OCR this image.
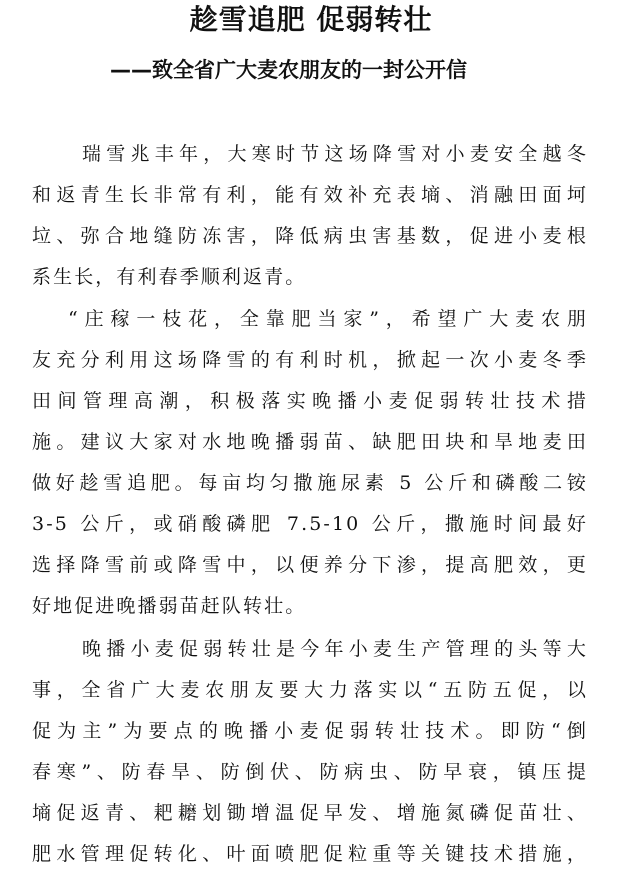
趁雪追肥 促弱转壮
——致全省广大麦农朋友的一封公开信
瑞雪兆丰年，大寒时节这场降雪对小麦安全越冬
和返青生长非常有利，能有效补充表墒、消融田面坷
垃、弥合地缝防冻害，降低病虫害基数，促进小麦根
系生长，有利春季顺利返青。
“庄稼一枝花，全靠肥当家”，希望广大麦农朋
友充分利用这场降雪的有利时机，掀起一次小麦冬季
田间管理高潮，积极落实晚播小麦促弱转壮技术措
施。建议大家对水地晚播弱苗、缺肥田块和旱地麦田
做好趁雪追肥。每亩均匀撒施尿素 5 公斤和磷酸二铵
3-5 公斤，或硝酸磷肥 7.5-10 公斤，撒施时间最好
选择降雪前或降雪中，以便养分下渗，提高肥效，更
好地促进晚播弱苗赶队转壮。
晚播小麦促弱转壮是今年小麦生产管理的头等大
事，全省广大麦农朋友要大力落实以“五防五促，以
促为主”为要点的晚播小麦促弱转壮技术。即防“倒
春寒”、防春旱、防倒伏、防病虫、防早衰，镇压提
墒促返青、耙耱划锄增温促早发、增施氮磷促苗壮、
肥水管理促转化、叶面喷肥促粒重等关键技术措施，
